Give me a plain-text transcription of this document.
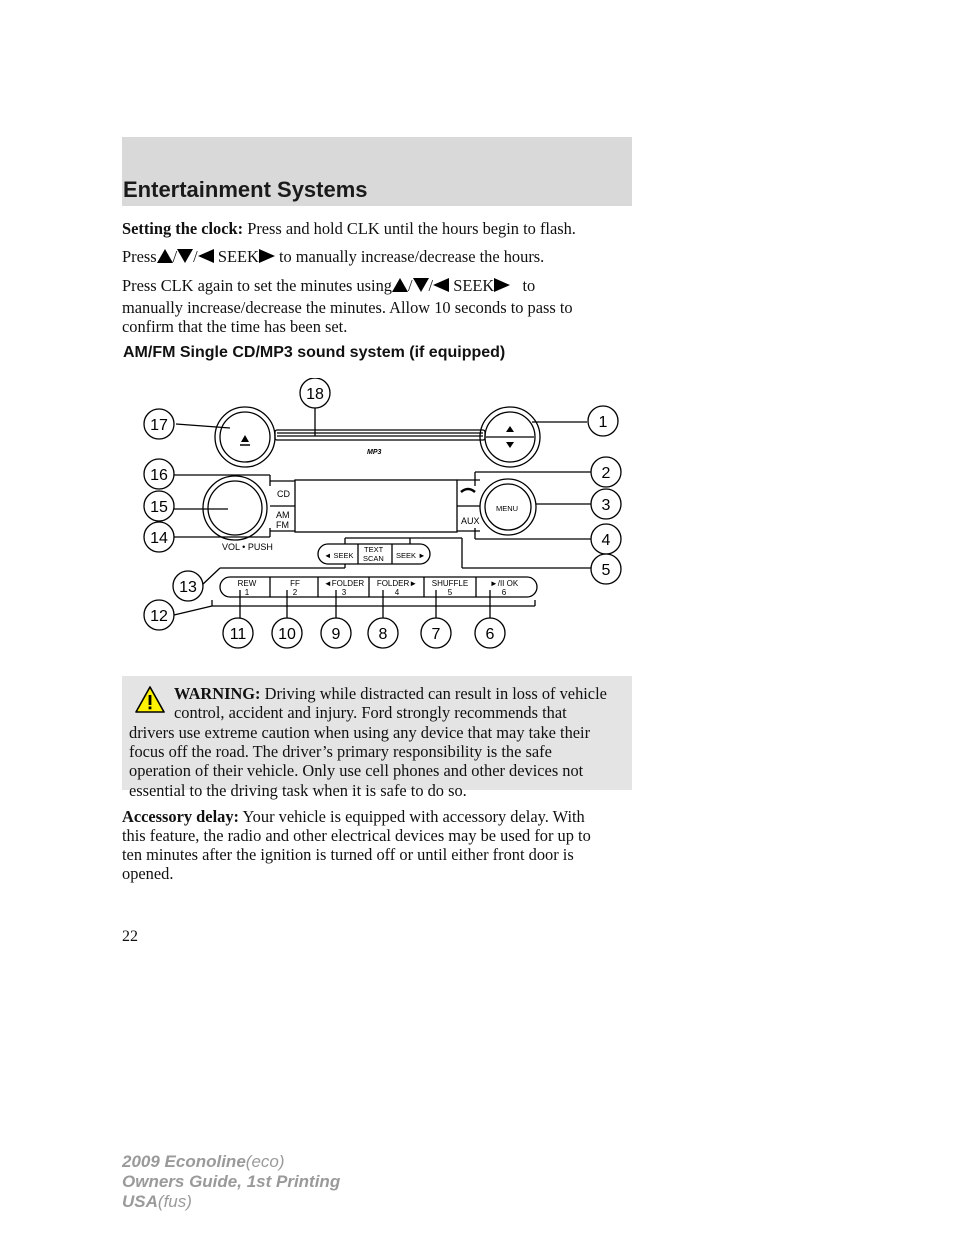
Entertainment Systems
Setting the clock: Press and hold CLK until the hours begin to flash.
Press / / SEEK to manually increase/decrease the hours.
Press CLK again to set the minutes using / / SEEK to
manually increase/decrease the minutes. Allow 10 seconds to pass to
confirm that the time has been set.
AM/FM Single CD/MP3 sound system (if equipped)
CD
AM
FM
VOL • PUSH
AUX
MENU
MP3
◄ SEEK	SEEK ►
TEXT
SCAN
REW
1
FF
2
◄FOLDER
3
FOLDER►
4
SHUFFLE
5
►/II OK
6
1
2
3
4
5
6
7
8
9
10
11
12
13
14
15
16
17
18
WARNING: Driving while distracted can result in loss of vehicle
control, accident and injury. Ford strongly recommends that
drivers use extreme caution when using any device that may take their
focus off the road. The driver’s primary responsibility is the safe
operation of their vehicle. Only use cell phones and other devices not
essential to the driving task when it is safe to do so.
Accessory delay: Your vehicle is equipped with accessory delay. With
this feature, the radio and other electrical devices may be used for up to
ten minutes after the ignition is turned off or until either front door is
opened.
22
2009 Econoline(eco)
Owners Guide, 1st Printing
USA(fus)
